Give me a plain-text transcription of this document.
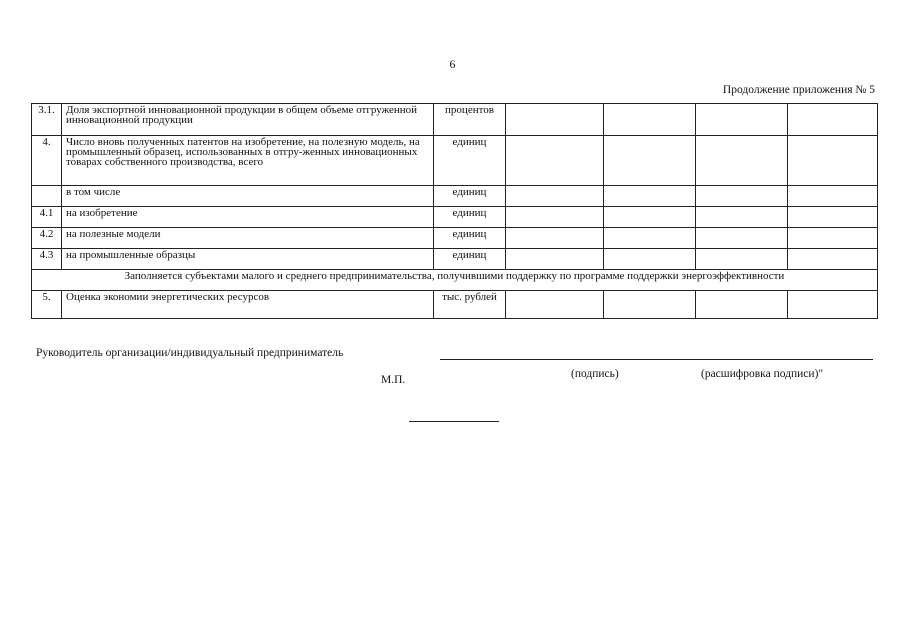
6
Продолжение приложения № 5
3.1.	Доля экспортной инновационной продукции в общем объеме отгруженной инновационной продукции	процентов				
4.	Число вновь полученных патентов на изобретение, на полезную модель, на промышленный образец, использованных в отгру-женных инновационных товарах собственного производства, всего	единиц				
	в том числе	единиц				
4.1	на изобретение	единиц				
4.2	на полезные модели	единиц				
4.3	на промышленные образцы	единиц				
Заполняется субъектами малого и среднего предпринимательства, получившими поддержку по программе поддержки энергоэффективности						
5.	Оценка экономии энергетических ресурсов	тыс. рублей				
Руководитель организации/индивидуальный предприниматель
М.П.	(подпись)	(расшифровка подписи)"
